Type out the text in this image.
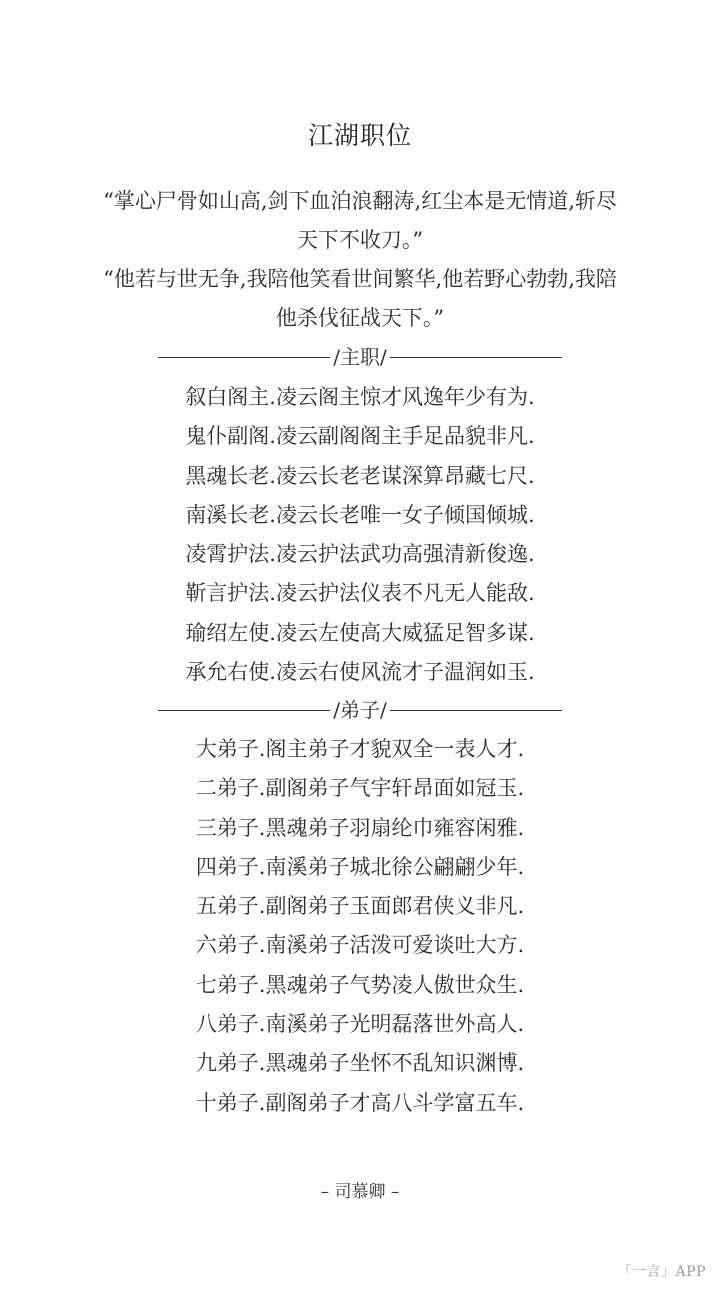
江湖职位

“掌心尸骨如山高,剑下血泊浪翻涛,红尘本是无情道,斩尽天下不收刀。”

“他若与世无争,我陪他笑看世间繁华,他若野心勃勃,我陪他杀伐征战天下。”

/主职/
叙白阁主.凌云阁主惊才风逸年少有为.
鬼仆副阁.凌云副阁阁主手足品貌非凡.
黑魂长老.凌云长老老谋深算昂藏七尺.
南溪长老.凌云长老唯一女子倾国倾城.
凌霄护法.凌云护法武功高强清新俊逸.
靳言护法.凌云护法仪表不凡无人能敌.
瑜绍左使.凌云左使高大威猛足智多谋.
承允右使.凌云右使风流才子温润如玉.
/弟子/
大弟子.阁主弟子才貌双全一表人才.
二弟子.副阁弟子气宇轩昂面如冠玉.
三弟子.黑魂弟子羽扇纶巾雍容闲雅.
四弟子.南溪弟子城北徐公翩翩少年.
五弟子.副阁弟子玉面郎君侠义非凡.
六弟子.南溪弟子活泼可爱谈吐大方.
七弟子.黑魂弟子气势凌人傲世众生.
八弟子.南溪弟子光明磊落世外高人.
九弟子.黑魂弟子坐怀不乱知识渊博.
十弟子.副阁弟子才高八斗学富五车.
– 司慕卿 –
「一言」APP
